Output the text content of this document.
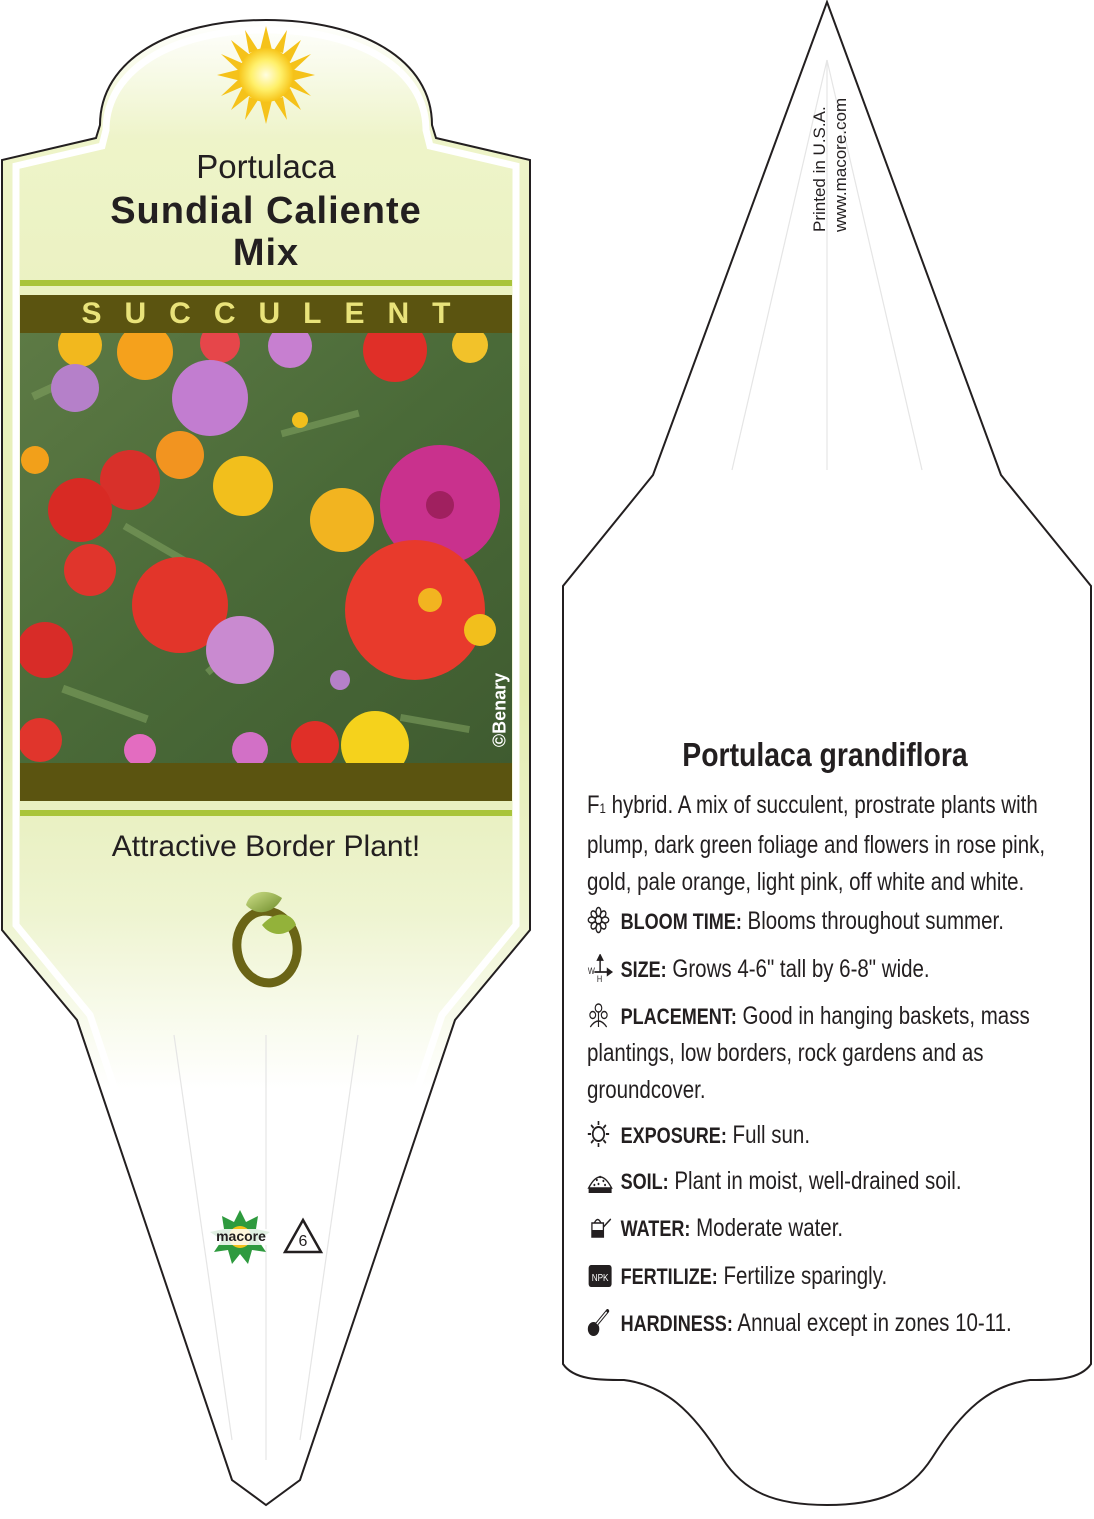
Portulaca
Sundial Caliente
Mix
SUCCULENT
©Benary
Attractive Border Plant!
macore	6
Printed in U.S.A. www.macore.com
Portulaca grandiflora
F1 hybrid. A mix of succulent, prostrate plants with plump, dark green foliage and flowers in rose pink, gold, pale orange, light pink, off white and white.
BLOOM TIME: Blooms throughout summer.
W
H SIZE: Grows 4-6" tall by 6-8" wide.
PLACEMENT: Good in hanging baskets, mass plantings, low borders, rock gardens and as groundcover.
EXPOSURE: Full sun.
SOIL: Plant in moist, well-drained soil.
WATER: Moderate water.
NPK FERTILIZE: Fertilize sparingly.
HARDINESS: Annual except in zones 10-11.
